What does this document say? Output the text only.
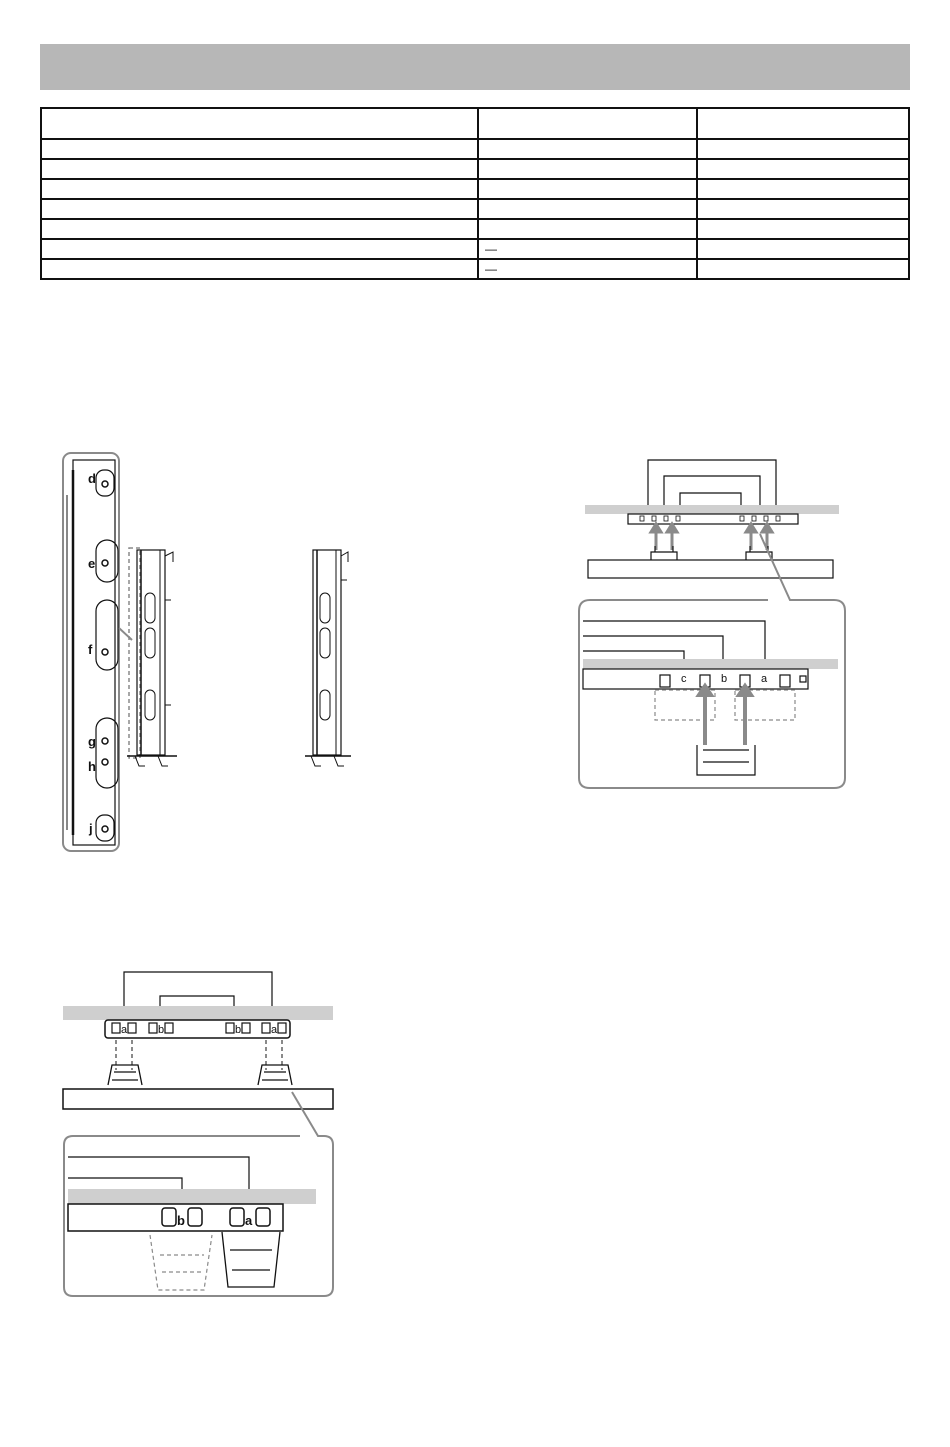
	—	
	—	
d
e
f
g
h
j
c	b	a
a	b	b	a
b	a
